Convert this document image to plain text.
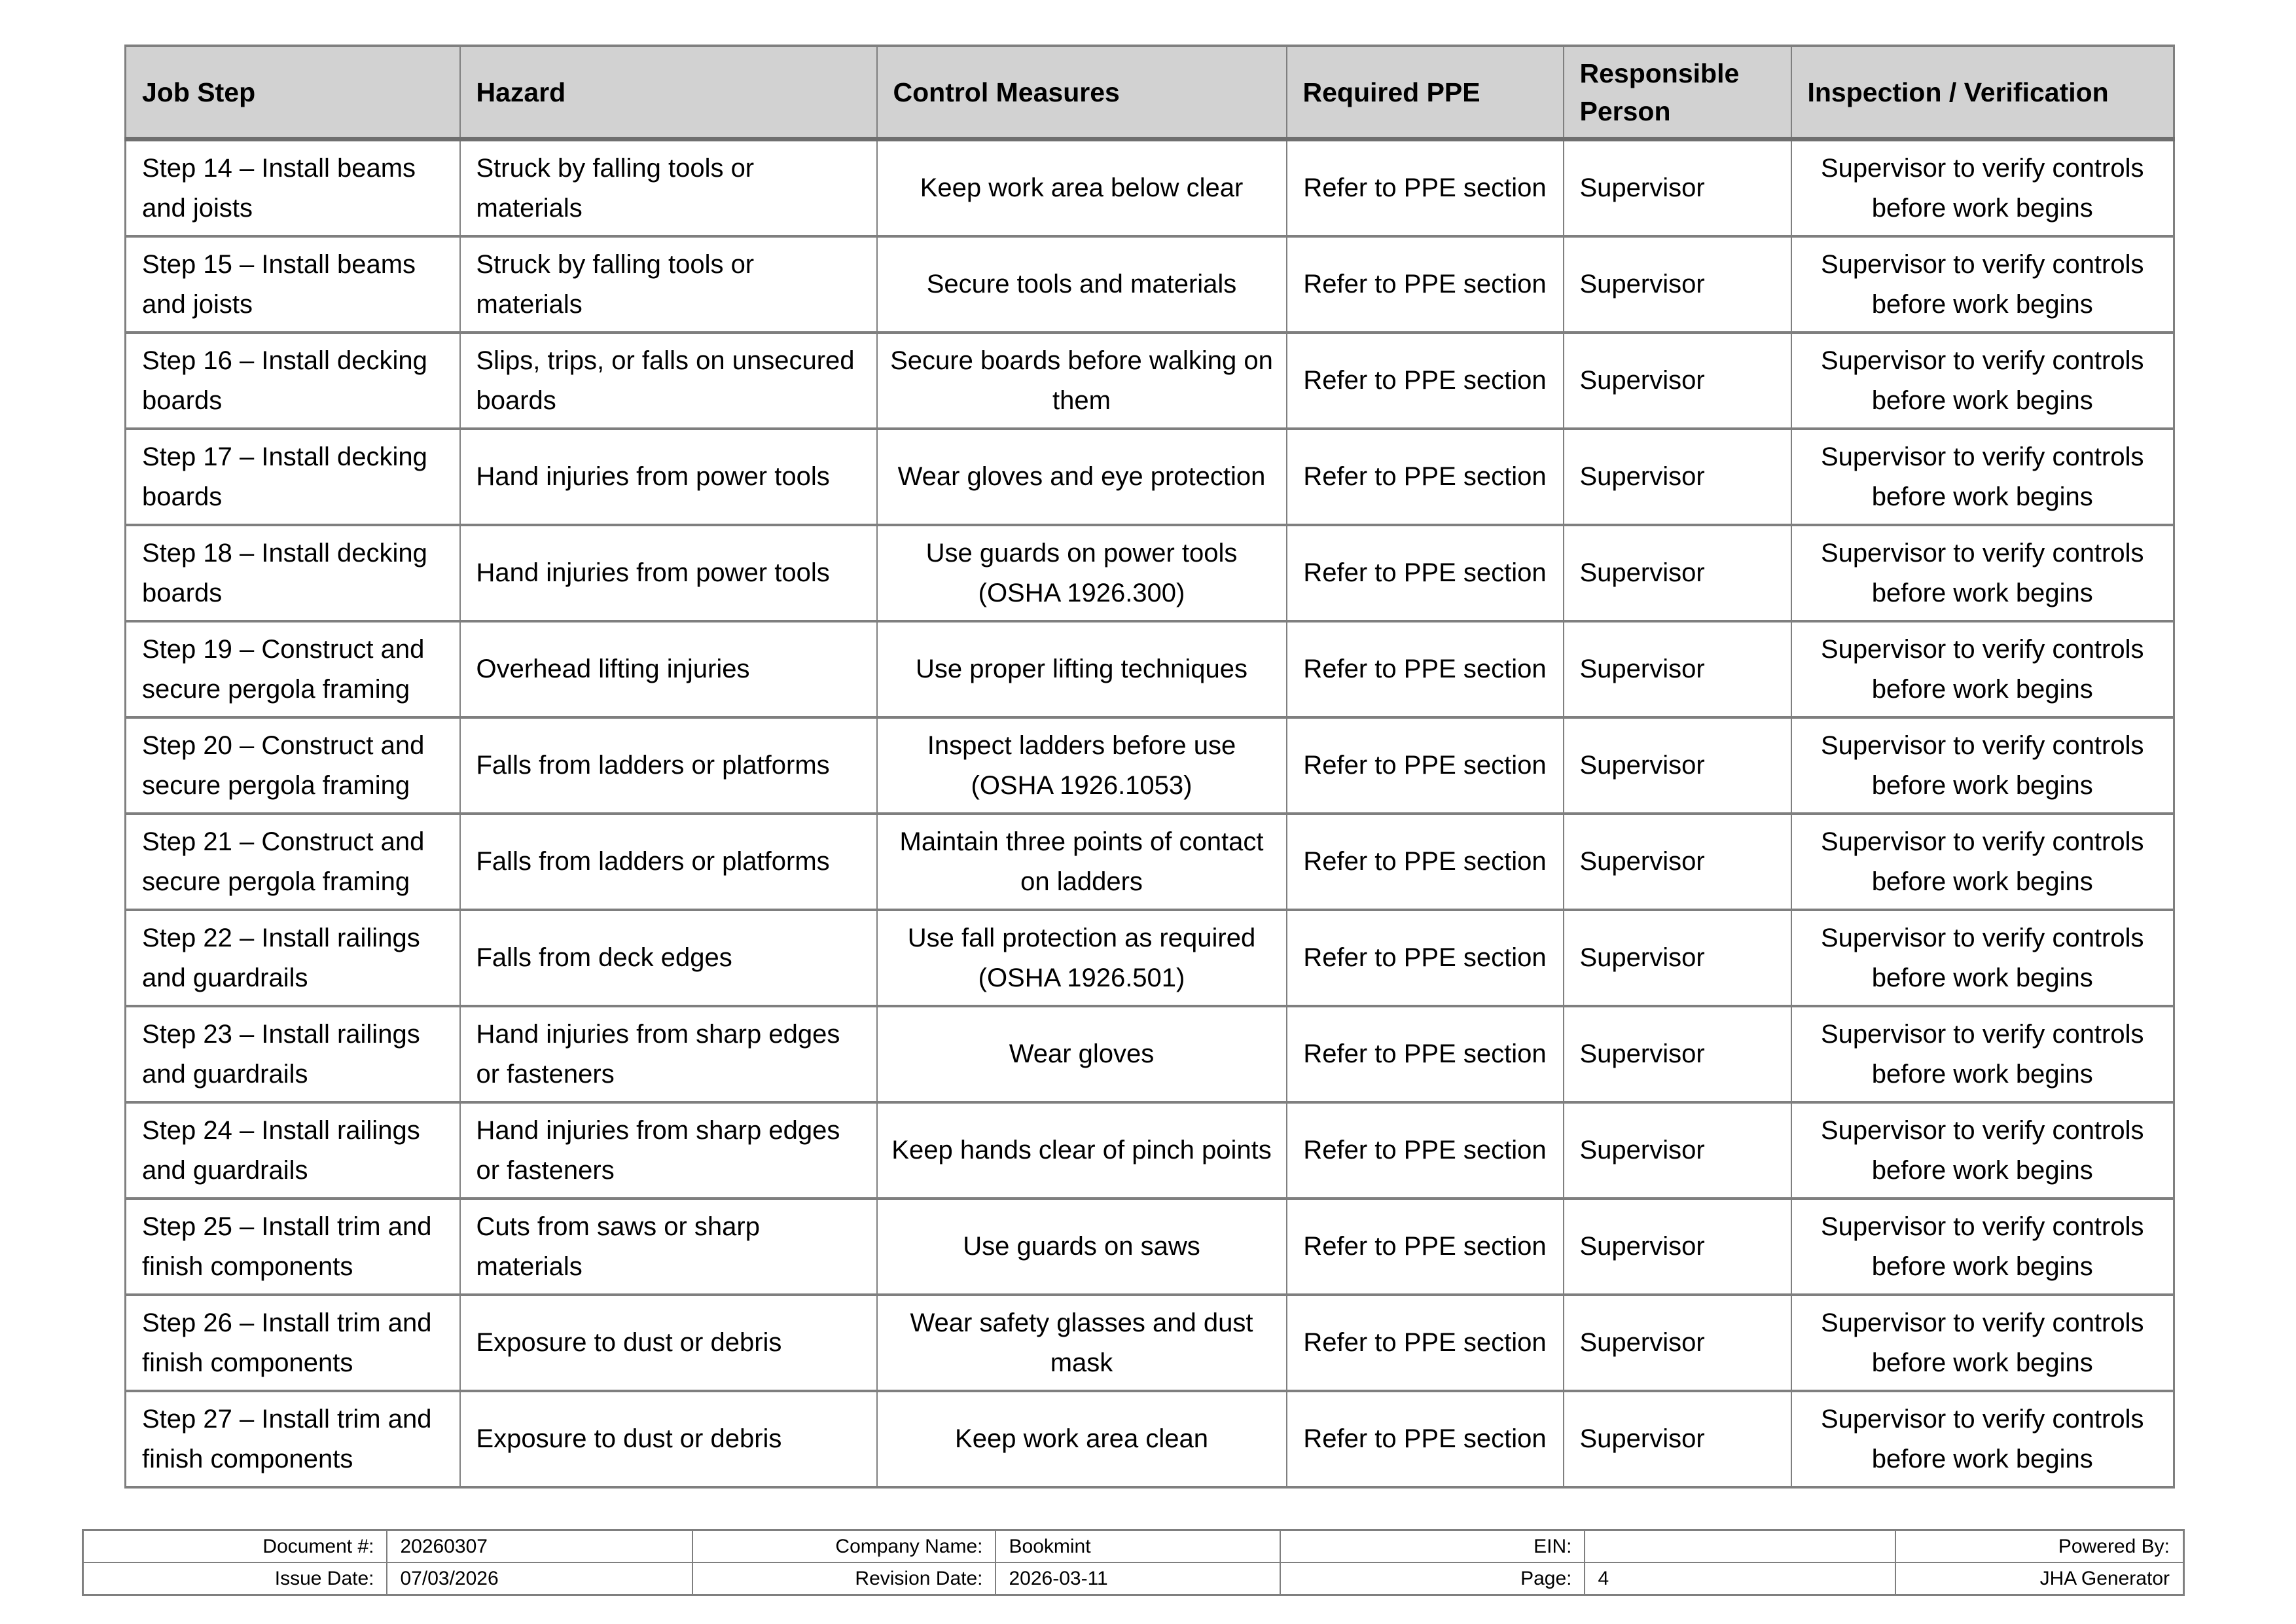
Job Step	Hazard	Control Measures	Required PPE	Responsible Person	Inspection / Verification
Step 14 – Install beams and joists	Struck by falling tools or materials	Keep work area below clear	Refer to PPE section	Supervisor	Supervisor to verify controls before work begins
Step 15 – Install beams and joists	Struck by falling tools or materials	Secure tools and materials	Refer to PPE section	Supervisor	Supervisor to verify controls before work begins
Step 16 – Install decking boards	Slips, trips, or falls on unsecured boards	Secure boards before walking on them	Refer to PPE section	Supervisor	Supervisor to verify controls before work begins
Step 17 – Install decking boards	Hand injuries from power tools	Wear gloves and eye protection	Refer to PPE section	Supervisor	Supervisor to verify controls before work begins
Step 18 – Install decking boards	Hand injuries from power tools	Use guards on power tools (OSHA 1926.300)	Refer to PPE section	Supervisor	Supervisor to verify controls before work begins
Step 19 – Construct and secure pergola framing	Overhead lifting injuries	Use proper lifting techniques	Refer to PPE section	Supervisor	Supervisor to verify controls before work begins
Step 20 – Construct and secure pergola framing	Falls from ladders or platforms	Inspect ladders before use (OSHA 1926.1053)	Refer to PPE section	Supervisor	Supervisor to verify controls before work begins
Step 21 – Construct and secure pergola framing	Falls from ladders or platforms	Maintain three points of contact on ladders	Refer to PPE section	Supervisor	Supervisor to verify controls before work begins
Step 22 – Install railings and guardrails	Falls from deck edges	Use fall protection as required (OSHA 1926.501)	Refer to PPE section	Supervisor	Supervisor to verify controls before work begins
Step 23 – Install railings and guardrails	Hand injuries from sharp edges or fasteners	Wear gloves	Refer to PPE section	Supervisor	Supervisor to verify controls before work begins
Step 24 – Install railings and guardrails	Hand injuries from sharp edges or fasteners	Keep hands clear of pinch points	Refer to PPE section	Supervisor	Supervisor to verify controls before work begins
Step 25 – Install trim and finish components	Cuts from saws or sharp materials	Use guards on saws	Refer to PPE section	Supervisor	Supervisor to verify controls before work begins
Step 26 – Install trim and finish components	Exposure to dust or debris	Wear safety glasses and dust mask	Refer to PPE section	Supervisor	Supervisor to verify controls before work begins
Step 27 – Install trim and finish components	Exposure to dust or debris	Keep work area clean	Refer to PPE section	Supervisor	Supervisor to verify controls before work begins
Document #:	20260307	Company Name:	Bookmint	EIN:		Powered By:
Issue Date:	07/03/2026	Revision Date:	2026-03-11	Page:	4	JHA Generator
